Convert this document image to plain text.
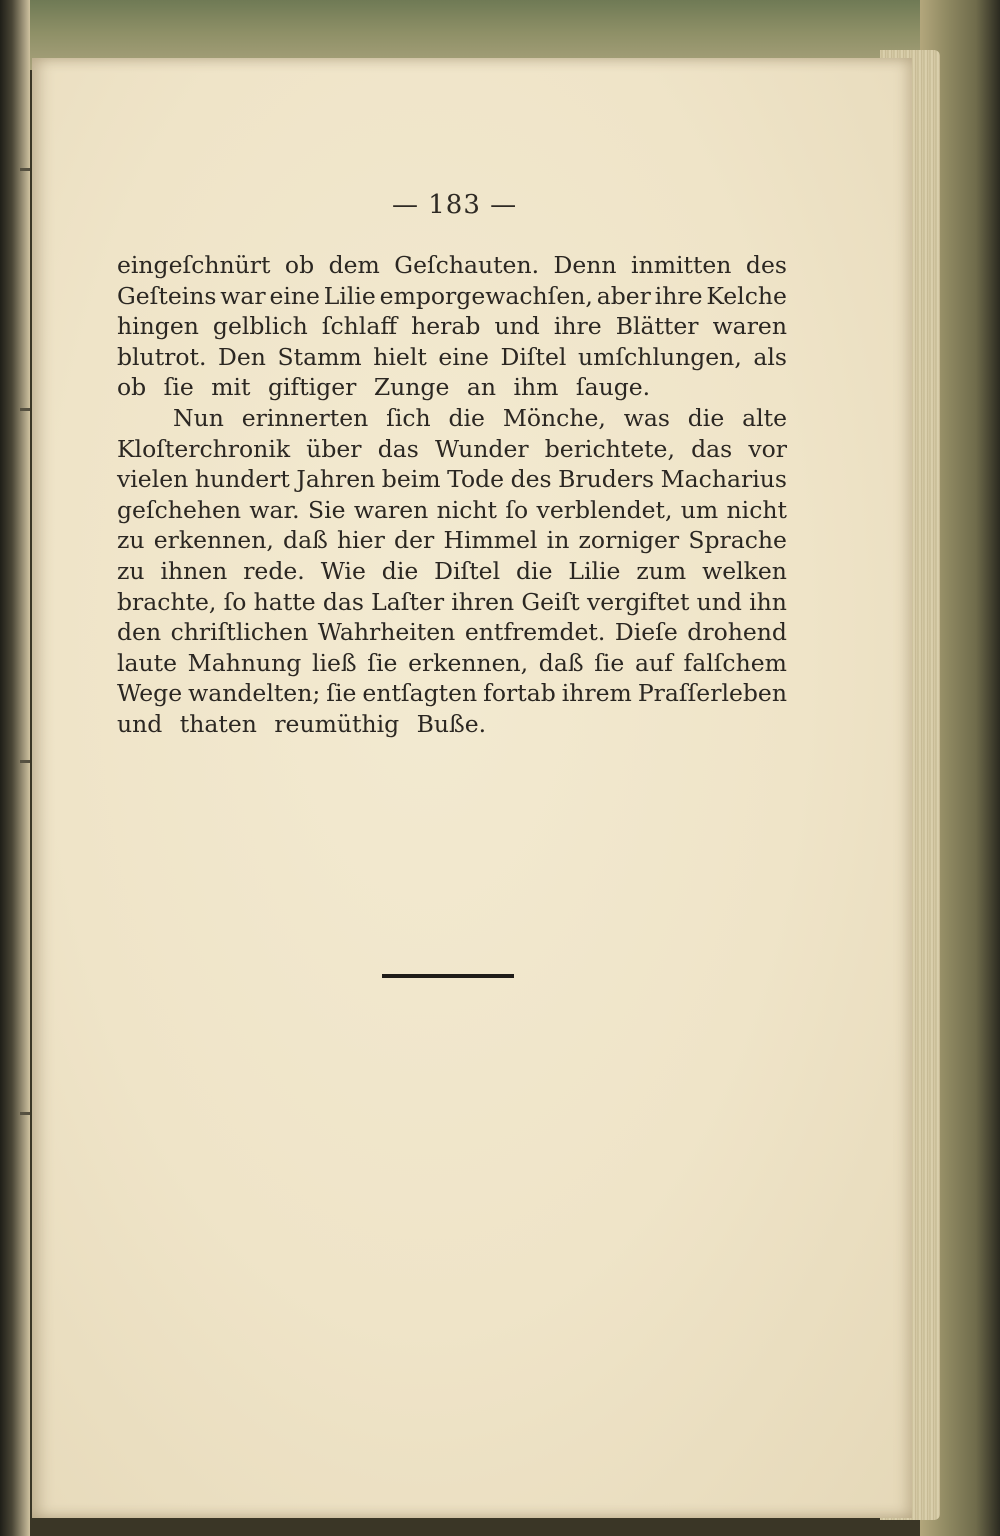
— 183 —
eingeſchnürt ob dem Geſchauten. Denn inmitten des
Geſteins war eine Lilie emporgewachſen, aber ihre Kelche
hingen gelblich ſchlaff herab und ihre Blätter waren
blutrot. Den Stamm hielt eine Diſtel umſchlungen, als
ob ſie mit giftiger Zunge an ihm ſauge.
Nun erinnerten ſich die Mönche, was die alte
Kloſterchronik über das Wunder berichtete, das vor
vielen hundert Jahren beim Tode des Bruders Macharius
geſchehen war. Sie waren nicht ſo verblendet, um nicht
zu erkennen, daß hier der Himmel in zorniger Sprache
zu ihnen rede. Wie die Diſtel die Lilie zum welken
brachte, ſo hatte das Laſter ihren Geiſt vergiftet und ihn
den chriſtlichen Wahrheiten entfremdet. Dieſe drohend
laute Mahnung ließ ſie erkennen, daß ſie auf falſchem
Wege wandelten; ſie entſagten fortab ihrem Praſſerleben
und thaten reumüthig Buße.
